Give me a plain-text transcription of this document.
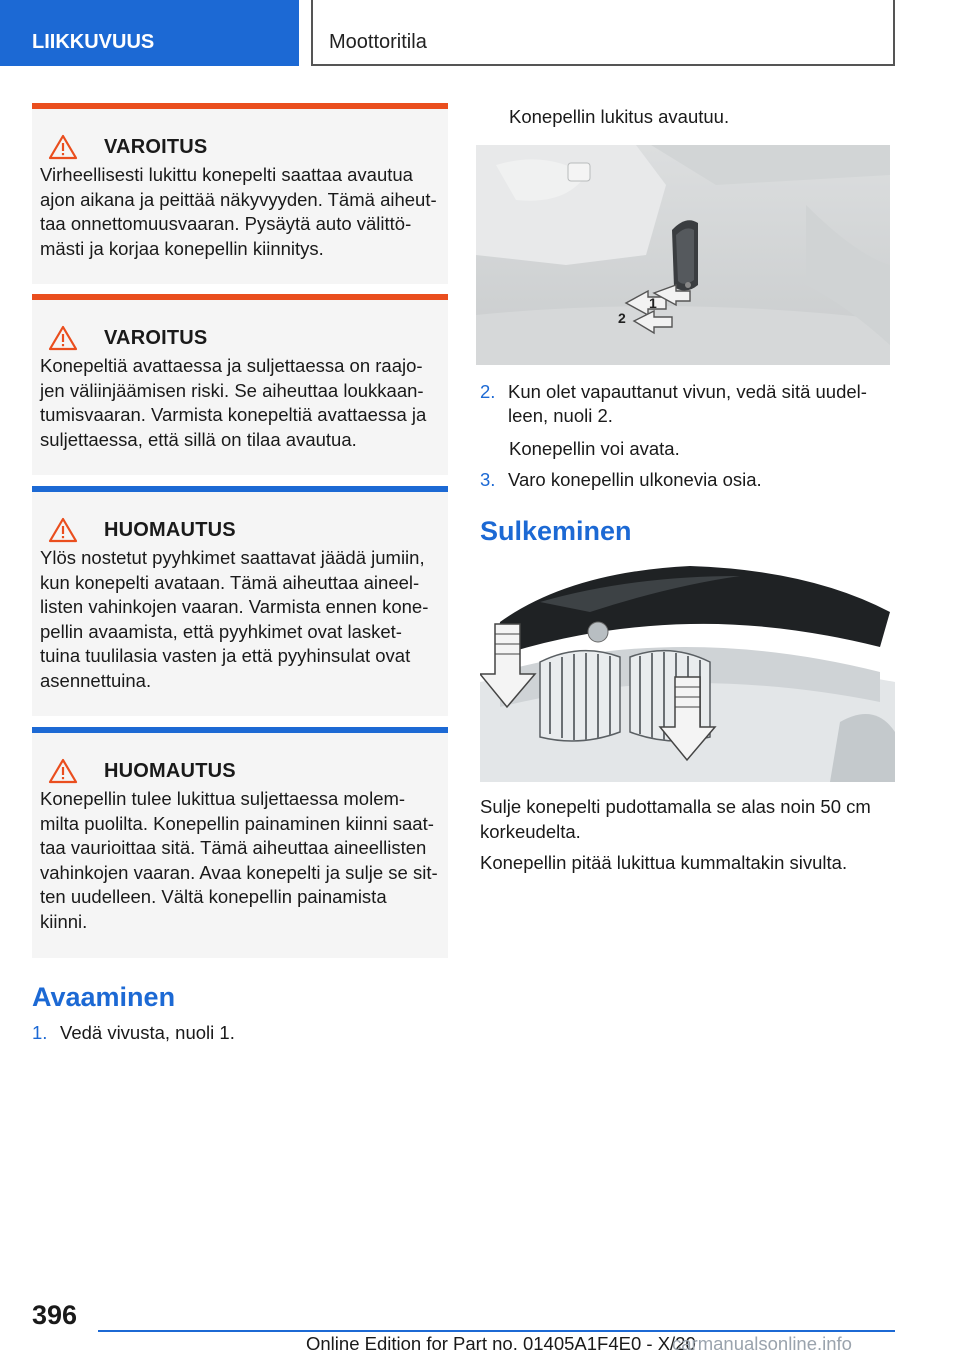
LIIKKUVUUS	Moottoritila
VAROITUS
Virheellisesti lukittu konepelti saattaa avautua
ajon aikana ja peittää näkyvyyden. Tämä aiheut-
taa onnettomuusvaaran. Pysäytä auto välittö-
mästi ja korjaa konepellin kiinnitys.
VAROITUS
Konepeltiä avattaessa ja suljettaessa on raajo-
jen väliinjäämisen riski. Se aiheuttaa loukkaan-
tumisvaaran. Varmista konepeltiä avattaessa ja
suljettaessa, että sillä on tilaa avautua.
HUOMAUTUS
Ylös nostetut pyyhkimet saattavat jäädä jumiin,
kun konepelti avataan. Tämä aiheuttaa aineel-
listen vahinkojen vaaran. Varmista ennen kone-
pellin avaamista, että pyyhkimet ovat lasket-
tuina tuulilasia vasten ja että pyyhinsulat ovat
asennettuina.
HUOMAUTUS
Konepellin tulee lukittua suljettaessa molem-
milta puolilta. Konepellin painaminen kiinni saat-
taa vaurioittaa sitä. Tämä aiheuttaa aineellisten
vahinkojen vaaran. Avaa konepelti ja sulje se sit-
ten uudelleen. Vältä konepellin painamista
kiinni.
Avaaminen
1. Vedä vivusta, nuoli 1.
Konepellin lukitus avautuu.
1
2
2. Kun olet vapauttanut vivun, vedä sitä uudel-
leen, nuoli 2.
Konepellin voi avata.
3. Varo konepellin ulkonevia osia.
Sulkeminen
Sulje konepelti pudottamalla se alas noin 50 cm
korkeudelta.
Konepellin pitää lukittua kummaltakin sivulta.
396
Online Edition for Part no. 01405A1F4E0 - X/20
carmanualsonline.info
